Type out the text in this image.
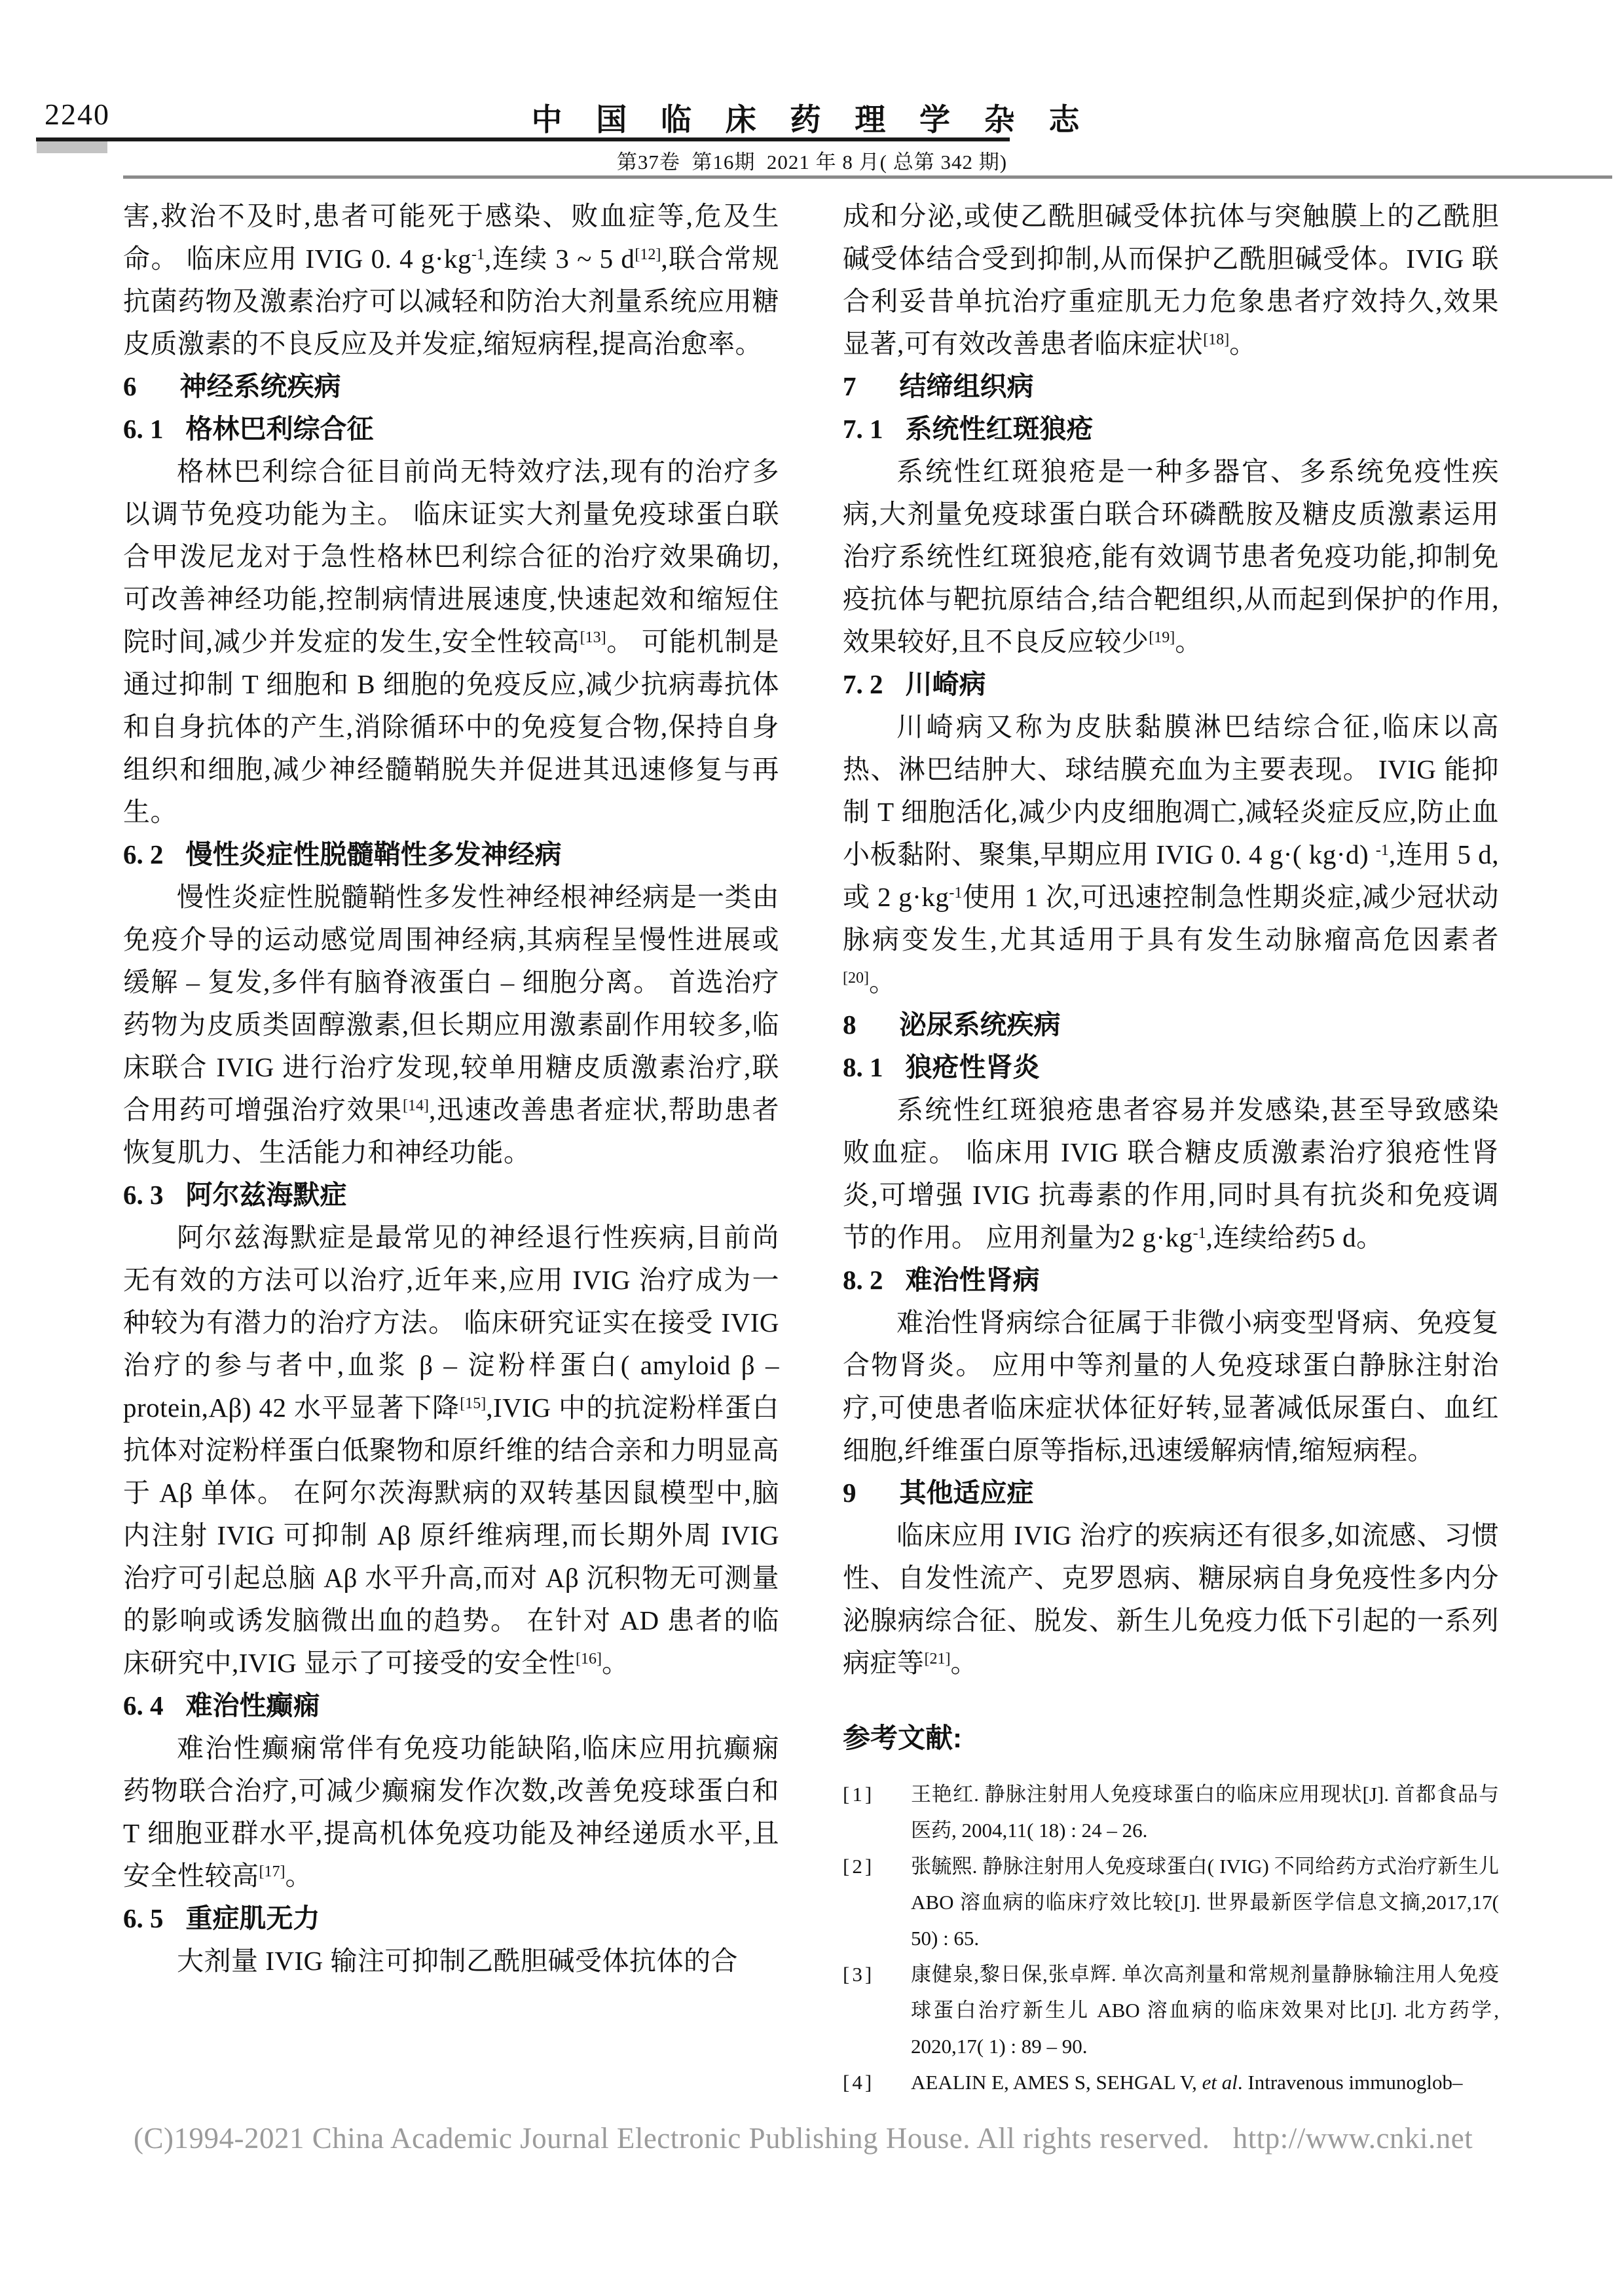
2240	中 国 临 床 药 理 学 杂 志
第37卷  第16期  2021 年 8 月( 总第 342 期)

害,救治不及时,患者可能死于感染、败血症等,危及生命。 临床应用 IVIG 0. 4 $g\cdot kg^{-1}$,连续 3 ~ 5 d[12],联合常规抗菌药物及激素治疗可以减轻和防治大剂量系统应用糖皮质激素的不良反应及并发症,缩短病程,提高治愈率。

6 神经系统疾病
6. 1 格林巴利综合征

格林巴利综合征目前尚无特效疗法,现有的治疗多以调节免疫功能为主。 临床证实大剂量免疫球蛋白联合甲泼尼龙对于急性格林巴利综合征的治疗效果确切,可改善神经功能,控制病情进展速度,快速起效和缩短住院时间,减少并发症的发生,安全性较高[13]。 可能机制是通过抑制 T 细胞和 B 细胞的免疫反应,减少抗病毒抗体和自身抗体的产生,消除循环中的免疫复合物,保持自身组织和细胞,减少神经髓鞘脱失并促进其迅速修复与再生。

6. 2 慢性炎症性脱髓鞘性多发神经病

慢性炎症性脱髓鞘性多发性神经根神经病是一类由免疫介导的运动感觉周围神经病,其病程呈慢性进展或缓解 – 复发,多伴有脑脊液蛋白 – 细胞分离。 首选治疗药物为皮质类固醇激素,但长期应用激素副作用较多,临床联合 IVIG 进行治疗发现,较单用糖皮质激素治疗,联合用药可增强治疗效果[14],迅速改善患者症状,帮助患者恢复肌力、生活能力和神经功能。

6. 3 阿尔兹海默症

阿尔兹海默症是最常见的神经退行性疾病,目前尚无有效的方法可以治疗,近年来,应用 IVIG 治疗成为一种较为有潜力的治疗方法。 临床研究证实在接受 IVIG 治疗的参与者中,血浆 β – 淀粉样蛋白( amyloid β – protein,Aβ) 42 水平显著下降[15],IVIG 中的抗淀粉样蛋白抗体对淀粉样蛋白低聚物和原纤维的结合亲和力明显高于 Aβ 单体。 在阿尔茨海默病的双转基因鼠模型中,脑内注射 IVIG 可抑制 Aβ 原纤维病理,而长期外周 IVIG 治疗可引起总脑 Aβ 水平升高,而对 Aβ 沉积物无可测量的影响或诱发脑微出血的趋势。 在针对 AD 患者的临床研究中,IVIG 显示了可接受的安全性[16]。

6. 4 难治性癫痫

难治性癫痫常伴有免疫功能缺陷,临床应用抗癫痫药物联合治疗,可减少癫痫发作次数,改善免疫球蛋白和 T 细胞亚群水平,提高机体免疫功能及神经递质水平,且安全性较高[17]。

6. 5 重症肌无力

大剂量 IVIG 输注可抑制乙酰胆碱受体抗体的合

成和分泌,或使乙酰胆碱受体抗体与突触膜上的乙酰胆碱受体结合受到抑制,从而保护乙酰胆碱受体。IVIG 联合利妥昔单抗治疗重症肌无力危象患者疗效持久,效果显著,可有效改善患者临床症状[18]。

7 结缔组织病
7. 1 系统性红斑狼疮

系统性红斑狼疮是一种多器官、多系统免疫性疾病,大剂量免疫球蛋白联合环磷酰胺及糖皮质激素运用治疗系统性红斑狼疮,能有效调节患者免疫功能,抑制免疫抗体与靶抗原结合,结合靶组织,从而起到保护的作用,效果较好,且不良反应较少[19]。

7. 2 川崎病

川崎病又称为皮肤黏膜淋巴结综合征,临床以高热、淋巴结肿大、球结膜充血为主要表现。 IVIG 能抑制 T 细胞活化,减少内皮细胞凋亡,减轻炎症反应,防止血小板黏附、聚集,早期应用 IVIG 0. 4 g·( kg·d) $^{-1}$,连用 5 d,或 2 $g\cdot kg^{-1}$使用 1 次,可迅速控制急性期炎症,减少冠状动脉病变发生,尤其适用于具有发生动脉瘤高危因素者[20]。

8 泌尿系统疾病
8. 1 狼疮性肾炎

系统性红斑狼疮患者容易并发感染,甚至导致感染败血症。 临床用 IVIG 联合糖皮质激素治疗狼疮性肾炎,可增强 IVIG 抗毒素的作用,同时具有抗炎和免疫调节的作用。 应用剂量为2 $g\cdot kg^{-1}$,连续给药5 d。

8. 2 难治性肾病

难治性肾病综合征属于非微小病变型肾病、免疫复合物肾炎。 应用中等剂量的人免疫球蛋白静脉注射治疗,可使患者临床症状体征好转,显著减低尿蛋白、血红细胞,纤维蛋白原等指标,迅速缓解病情,缩短病程。

9 其他适应症

临床应用 IVIG 治疗的疾病还有很多,如流感、习惯性、自发性流产、克罗恩病、糖尿病自身免疫性多内分泌腺病综合征、脱发、新生儿免疫力低下引起的一系列病症等[21]。

参考文献:
[1] 王艳红. 静脉注射用人免疫球蛋白的临床应用现状[J]. 首都食品与医药, 2004,11( 18) : 24 – 26.
[2] 张毓熙. 静脉注射用人免疫球蛋白( IVIG) 不同给药方式治疗新生儿 ABO 溶血病的临床疗效比较[J]. 世界最新医学信息文摘,2017,17( 50) : 65.
[3] 康健泉,黎日保,张卓辉. 单次高剂量和常规剂量静脉输注用人免疫球蛋白治疗新生儿 ABO 溶血病的临床效果对比[J]. 北方药学, 2020,17( 1) : 89 – 90.
[4] AEALIN E, AMES S, SEHGAL V, et al. Intravenous immunoglob–
(C)1994-2021 China Academic Journal Electronic Publishing House. All rights reserved.   http://www.cnki.net
